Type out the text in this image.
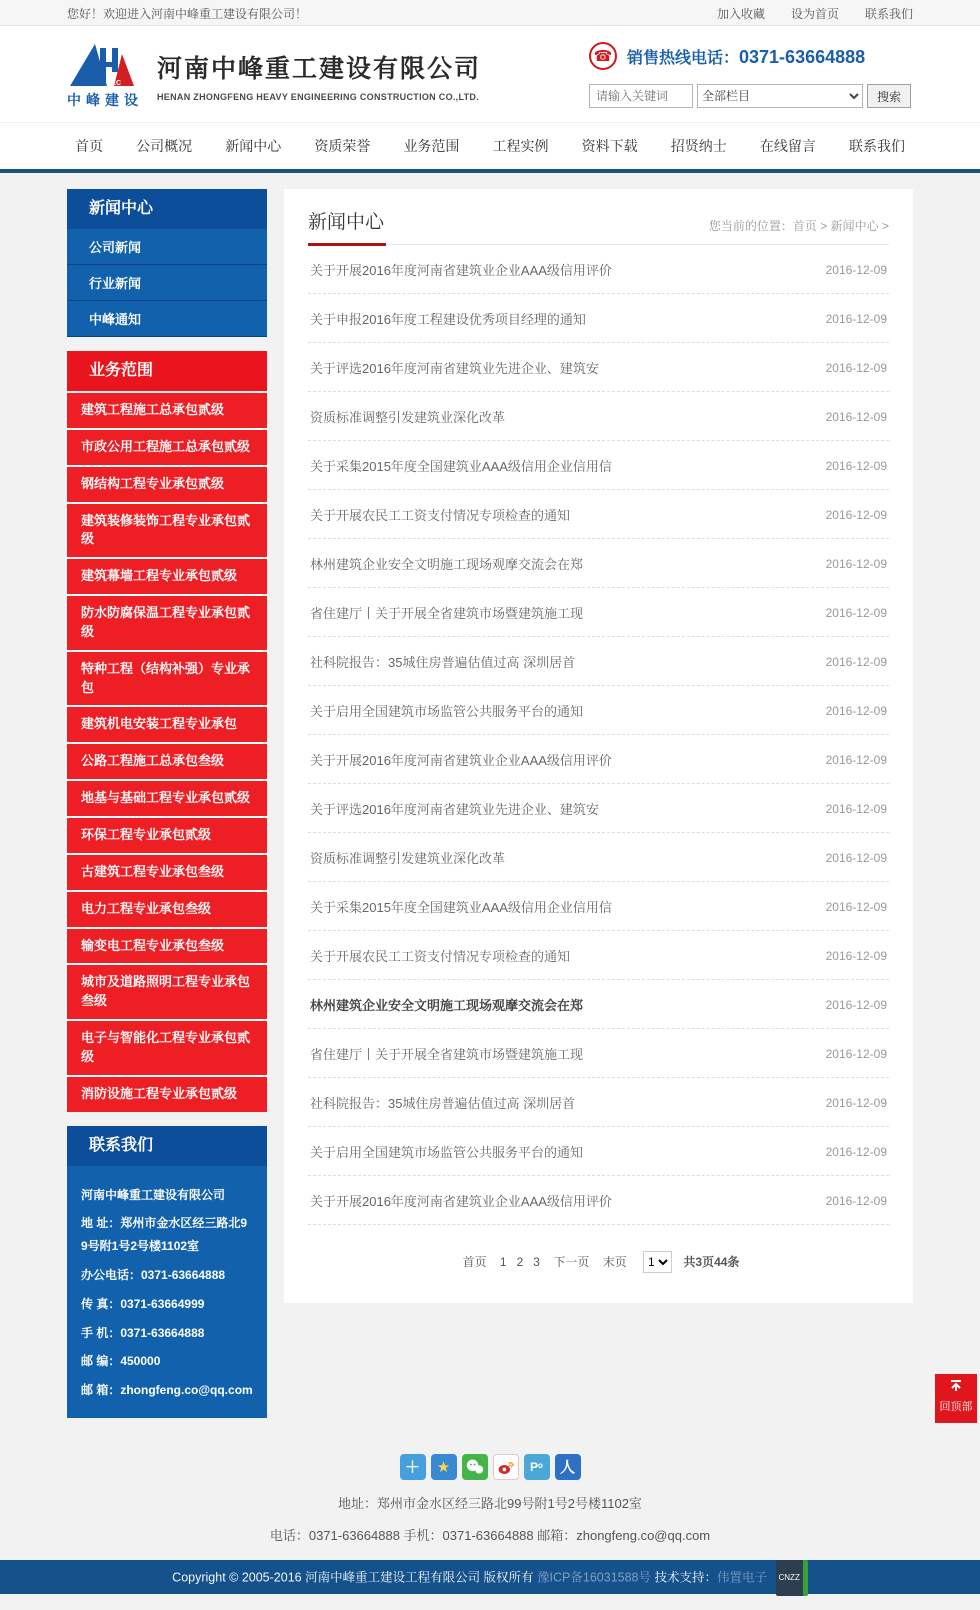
您好！欢迎进入河南中峰重工建设有限公司！	加入收藏 设为首页 联系我们
ZEC
中峰建设
河南中峰重工建设有限公司
HENAN ZHONGFENG HEAVY ENGINEERING CONSTRUCTION CO.,LTD.
☎ 销售热线电话：0371-63664888
请输入关键词
全部栏目
搜索
首页	公司概况	新闻中心	资质荣誉	业务范围	工程实例	资料下载	招贤纳士	在线留言	联系我们
新闻中心
公司新闻
行业新闻
中峰通知
业务范围
建筑工程施工总承包贰级
市政公用工程施工总承包贰级
钢结构工程专业承包贰级
建筑装修装饰工程专业承包贰级
建筑幕墙工程专业承包贰级
防水防腐保温工程专业承包贰级
特种工程（结构补强）专业承包
建筑机电安装工程专业承包
公路工程施工总承包叁级
地基与基础工程专业承包贰级
环保工程专业承包贰级
古建筑工程专业承包叁级
电力工程专业承包叁级
输变电工程专业承包叁级
城市及道路照明工程专业承包叁级
电子与智能化工程专业承包贰级
消防设施工程专业承包贰级
联系我们

河南中峰重工建设有限公司

地 址：郑州市金水区经三路北99号附1号2号楼1102室

办公电话：0371-63664888

传 真：0371-63664999

手 机：0371-63664888

邮 编：450000

邮 箱：zhongfeng.co@qq.com

新闻中心	您当前的位置：首页 > 新闻中心 >
关于开展2016年度河南省建筑业企业AAA级信用评价	2016-12-09
关于申报2016年度工程建设优秀项目经理的通知	2016-12-09
关于评选2016年度河南省建筑业先进企业、建筑安	2016-12-09
资质标准调整引发建筑业深化改革	2016-12-09
关于采集2015年度全国建筑业AAA级信用企业信用信	2016-12-09
关于开展农民工工资支付情况专项检查的通知	2016-12-09
林州建筑企业安全文明施工现场观摩交流会在郑	2016-12-09
省住建厅丨关于开展全省建筑市场暨建筑施工现	2016-12-09
社科院报告：35城住房普遍估值过高 深圳居首	2016-12-09
关于启用全国建筑市场监管公共服务平台的通知	2016-12-09
关于开展2016年度河南省建筑业企业AAA级信用评价	2016-12-09
关于评选2016年度河南省建筑业先进企业、建筑安	2016-12-09
资质标准调整引发建筑业深化改革	2016-12-09
关于采集2015年度全国建筑业AAA级信用企业信用信	2016-12-09
关于开展农民工工资支付情况专项检查的通知	2016-12-09
林州建筑企业安全文明施工现场观摩交流会在郑	2016-12-09
省住建厅丨关于开展全省建筑市场暨建筑施工现	2016-12-09
社科院报告：35城住房普遍估值过高 深圳居首	2016-12-09
关于启用全国建筑市场监管公共服务平台的通知	2016-12-09
关于开展2016年度河南省建筑业企业AAA级信用评价	2016-12-09
首页 1 2 3 下一页 末页
1	共3页44条
＋	★	Pᵒ	人
地址：郑州市金水区经三路北99号附1号2号楼1102室
电话：0371-63664888 手机：0371-63664888 邮箱：zhongfeng.co@qq.com
Copyright © 2005-2016 河南中峰重工建设工程有限公司 版权所有 豫ICP备16031588号 技术支持：伟置电子 CNZZ
回顶部
